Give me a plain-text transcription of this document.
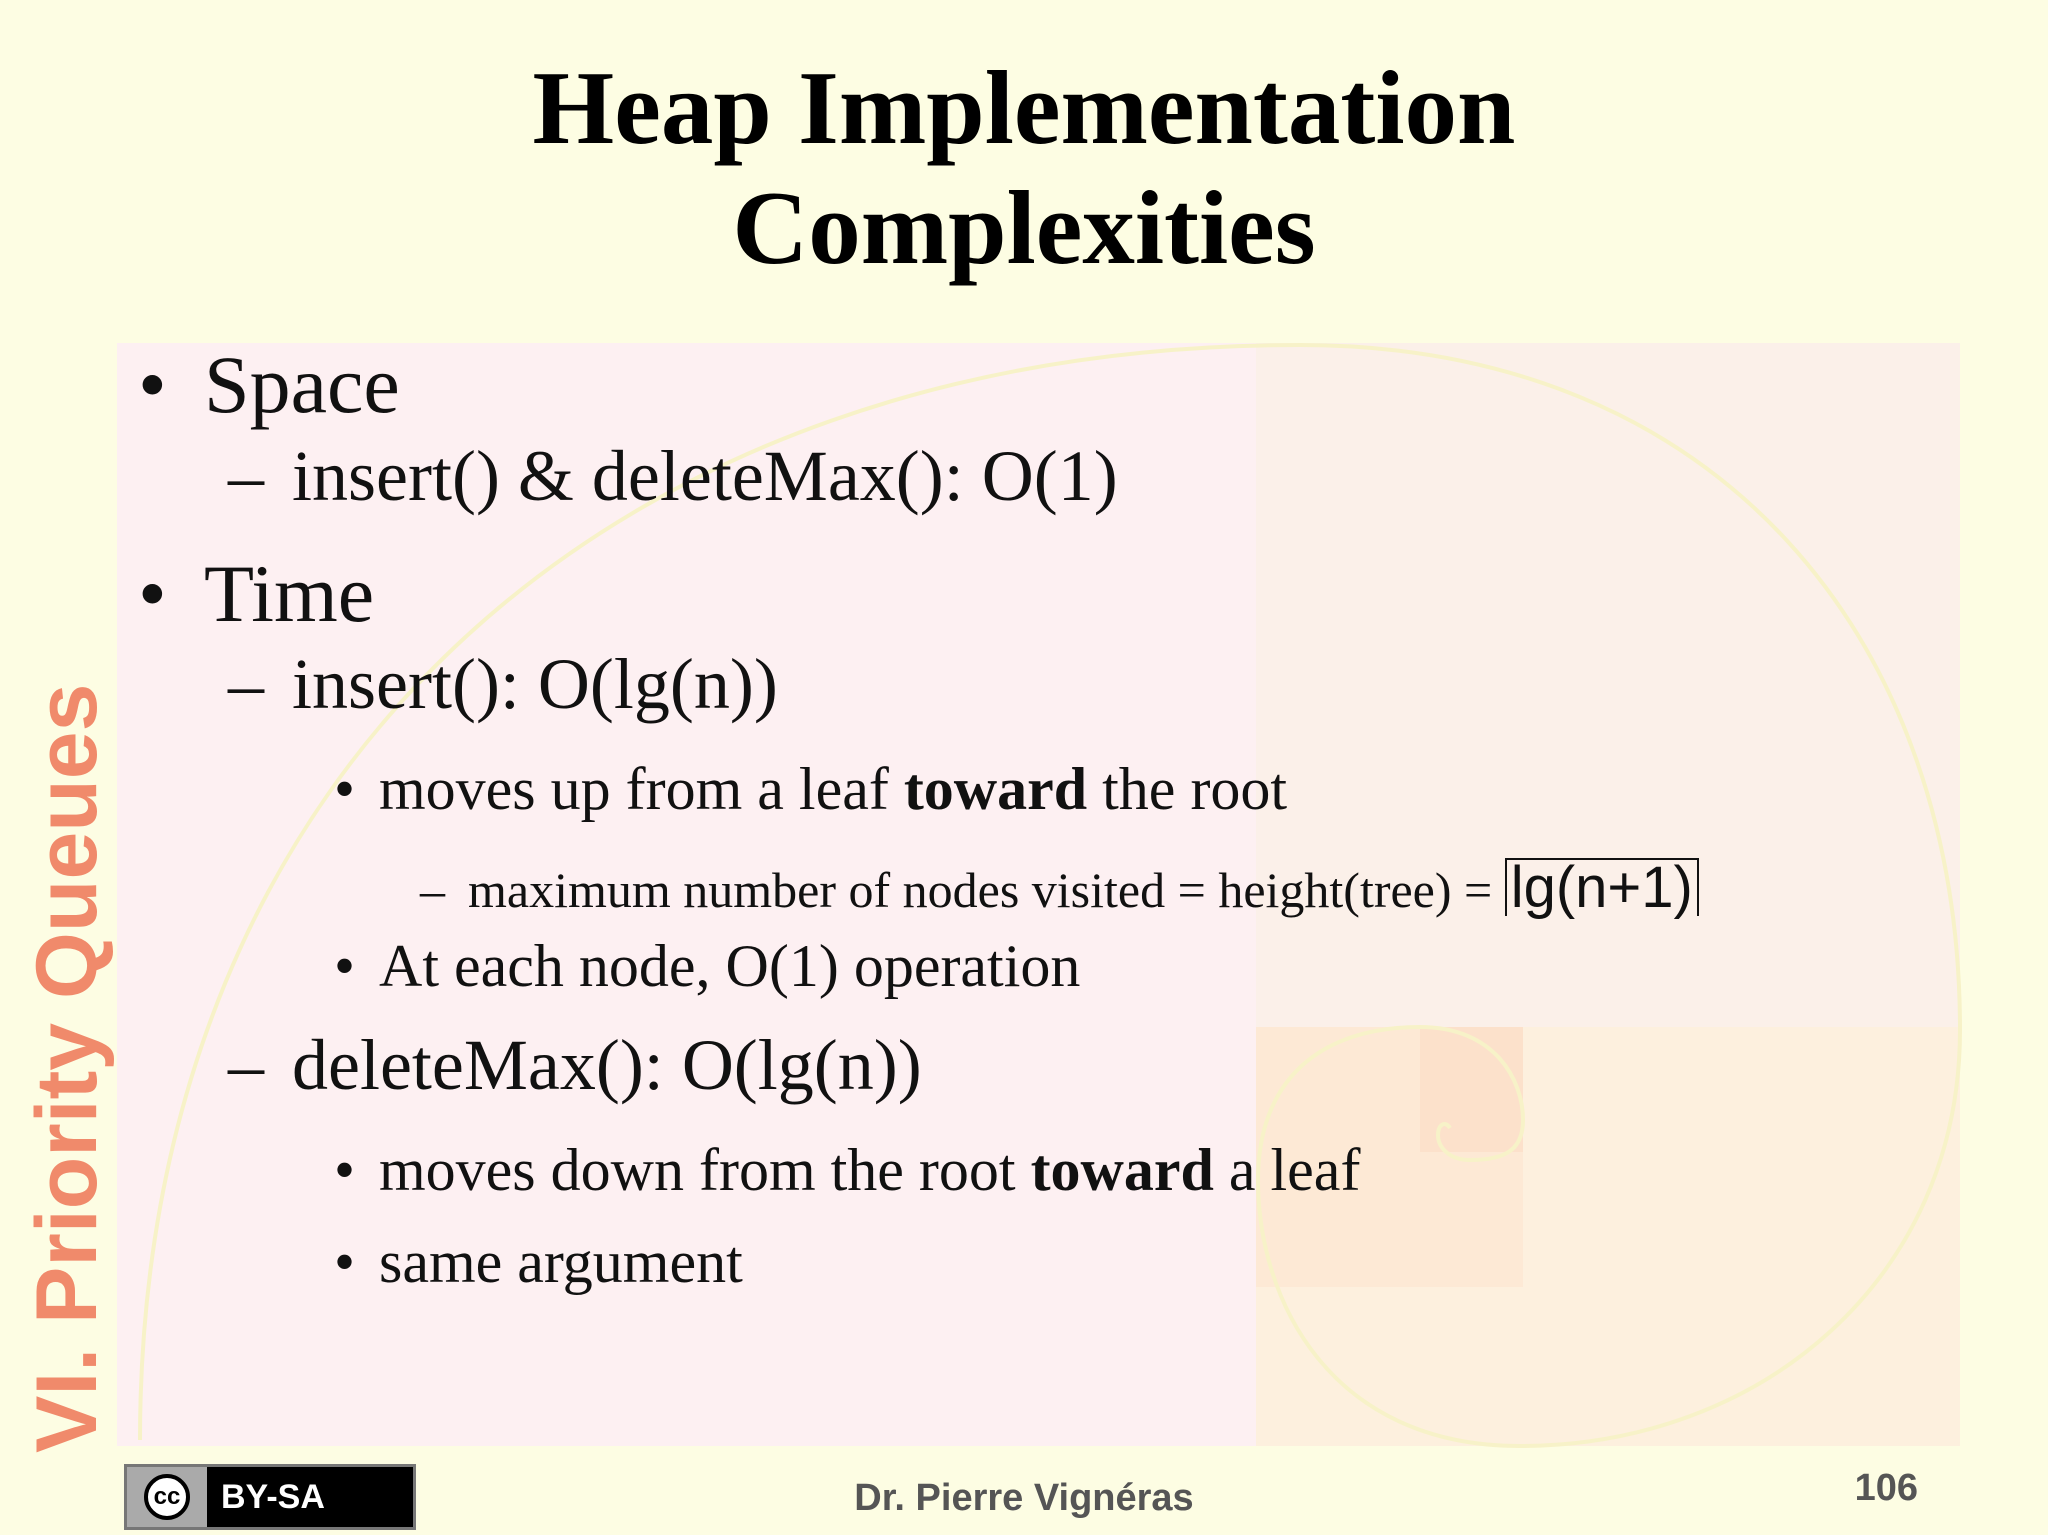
Heap Implementation
Complexities
VI. Priority Queues
• Space
– insert() & deleteMax(): O(1)
• Time
– insert(): O(lg(n))
• moves up from a leaf toward the root
– maximum number of nodes visited = height(tree) = lg(n+1)
• At each node, O(1) operation
– deleteMax(): O(lg(n))
• moves down from the root toward a leaf
• same argument
cc	BY-SA	Dr. Pierre Vignéras	106
